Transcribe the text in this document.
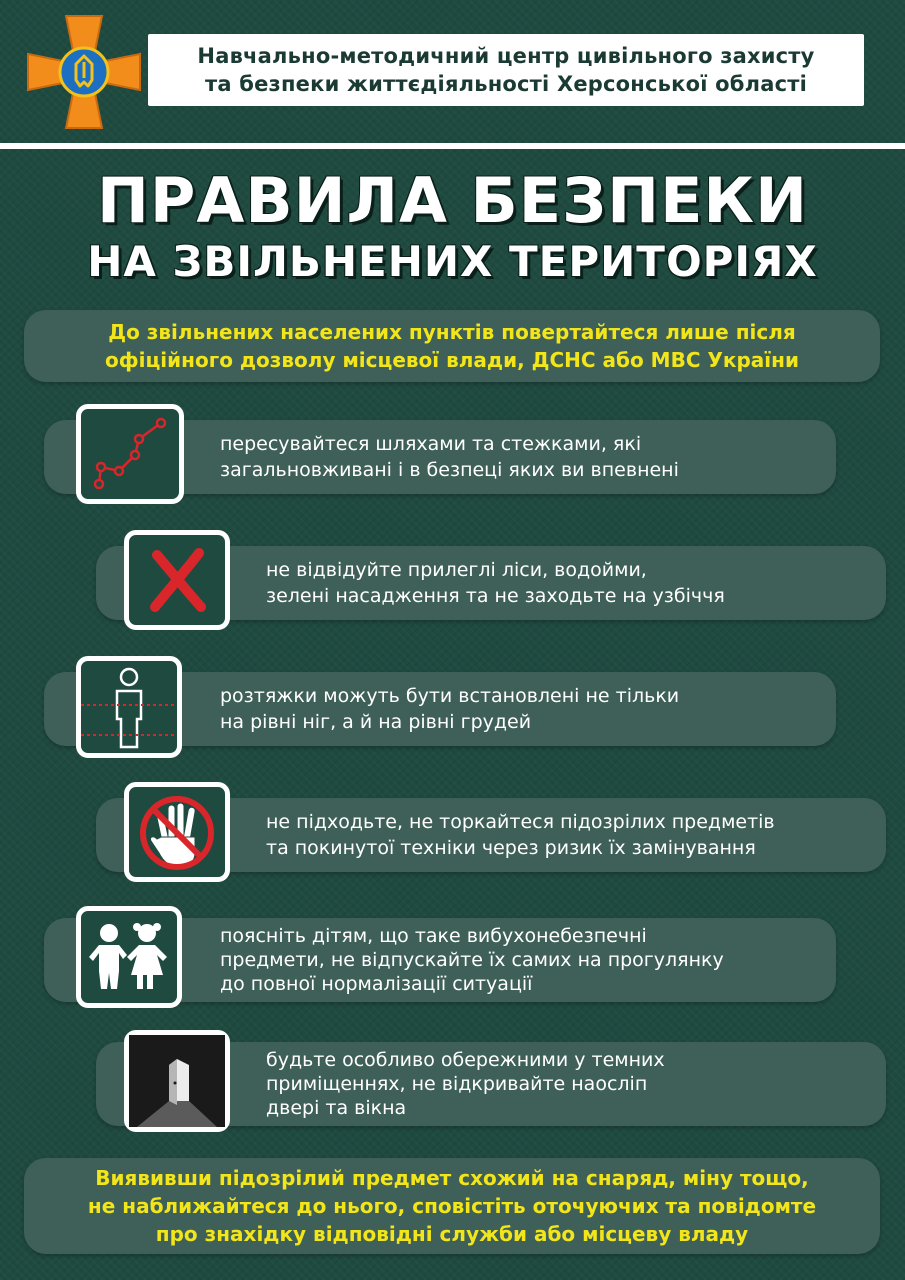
Навчально-методичний центр цивільного захисту
та безпеки життєдіяльності Херсонської області
ПРАВИЛА БЕЗПЕКИ
НА ЗВІЛЬНЕНИХ ТЕРИТОРІЯХ
До звільнених населених пунктів повертайтеся лише після
офіційного дозволу місцевої влади, ДСНС або МВС України
пересувайтеся шляхами та стежками, які
загальновживані і в безпеці яких ви впевнені
не відвідуйте прилеглі ліси, водойми,
зелені насадження та не заходьте на узбіччя
розтяжки можуть бути встановлені не тільки
на рівні ніг, а й на рівні грудей
не підходьте, не торкайтеся підозрілих предметів
та покинутої техніки через ризик їх замінування
поясніть дітям, що таке вибухонебезпечні
предмети, не відпускайте їх самих на прогулянку
до повної нормалізації ситуації
будьте особливо обережними у темних
приміщеннях, не відкривайте наосліп
двері та вікна
Виявивши підозрілий предмет схожий на снаряд, міну тощо,
не наближайтеся до нього, сповістіть оточуючих та повідомте
про знахідку відповідні служби або місцеву владу
